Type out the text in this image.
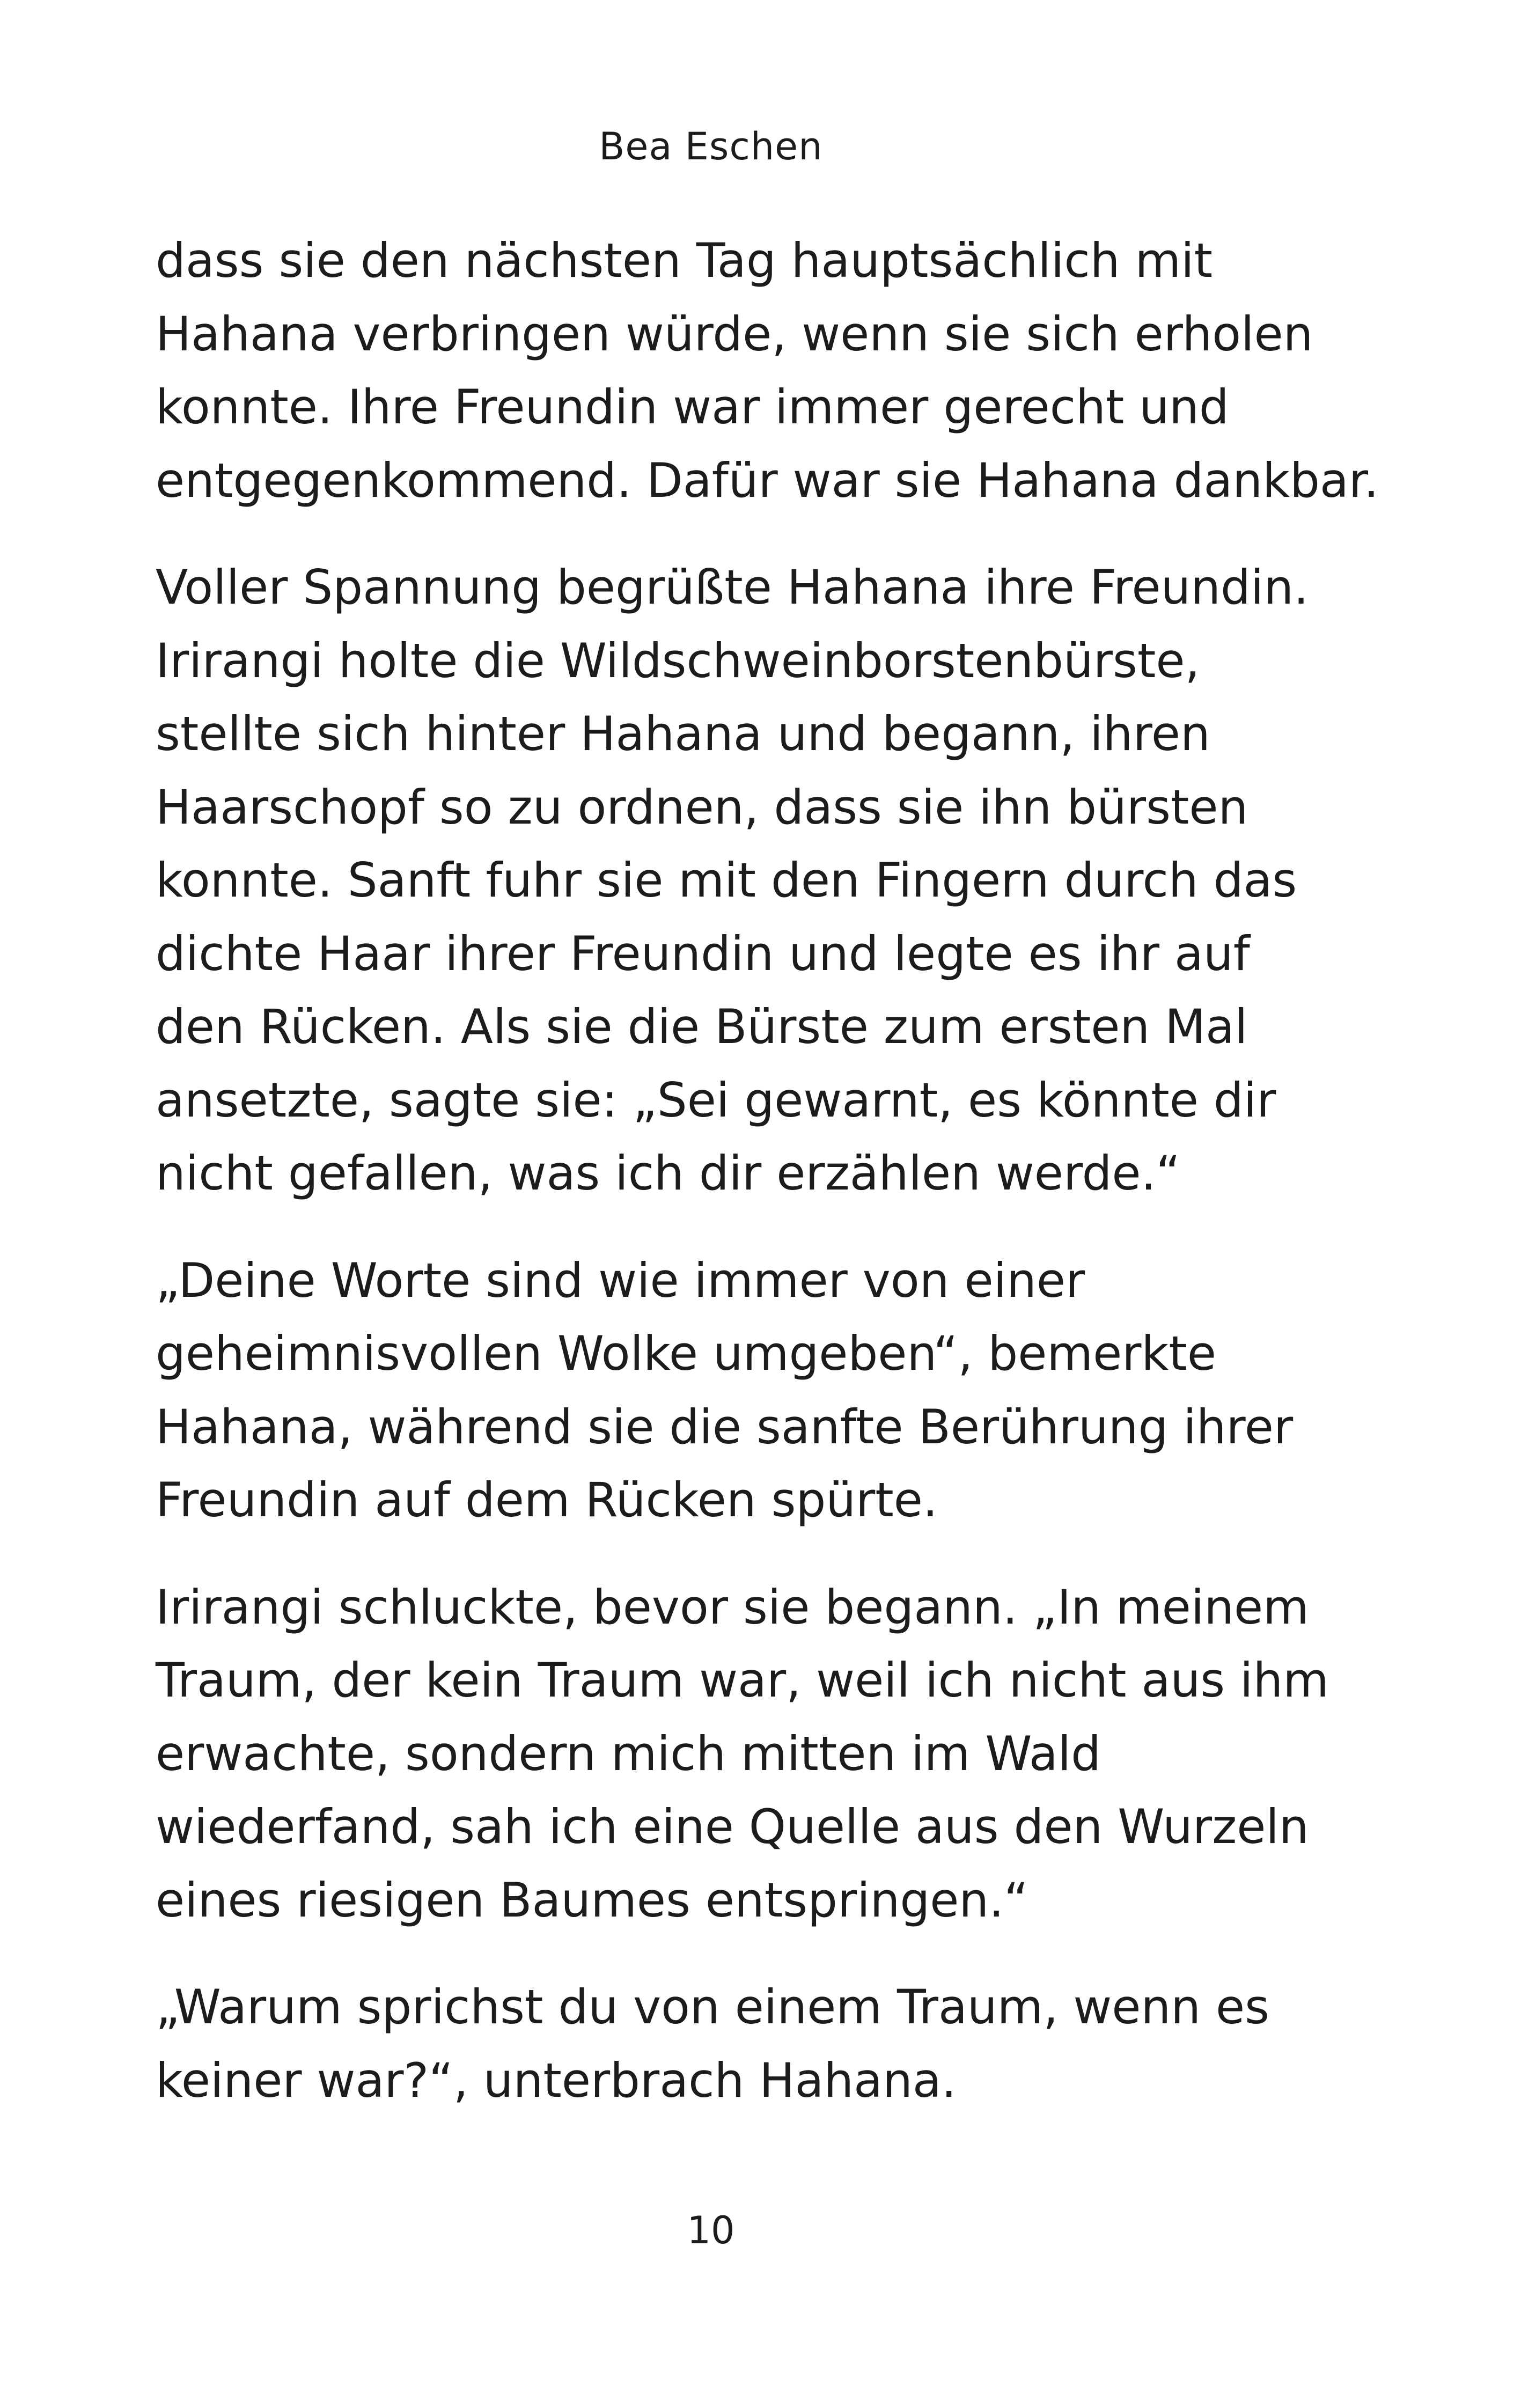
Bea Eschen

dass sie den nächsten Tag hauptsächlich mit
Hahana verbringen würde, wenn sie sich erholen
konnte. Ihre Freundin war immer gerecht und
entgegenkommend. Dafür war sie Hahana dankbar.

Voller Spannung begrüßte Hahana ihre Freundin.
Irirangi holte die Wildschweinborstenbürste,
stellte sich hinter Hahana und begann, ihren
Haarschopf so zu ordnen, dass sie ihn bürsten
konnte. Sanft fuhr sie mit den Fingern durch das
dichte Haar ihrer Freundin und legte es ihr auf
den Rücken. Als sie die Bürste zum ersten Mal
ansetzte, sagte sie: „Sei gewarnt, es könnte dir
nicht gefallen, was ich dir erzählen werde.“

„Deine Worte sind wie immer von einer
geheimnisvollen Wolke umgeben“, bemerkte
Hahana, während sie die sanfte Berührung ihrer
Freundin auf dem Rücken spürte.

Irirangi schluckte, bevor sie begann. „In meinem
Traum, der kein Traum war, weil ich nicht aus ihm
erwachte, sondern mich mitten im Wald
wiederfand, sah ich eine Quelle aus den Wurzeln
eines riesigen Baumes entspringen.“

„Warum sprichst du von einem Traum, wenn es
keiner war?“, unterbrach Hahana.

10
